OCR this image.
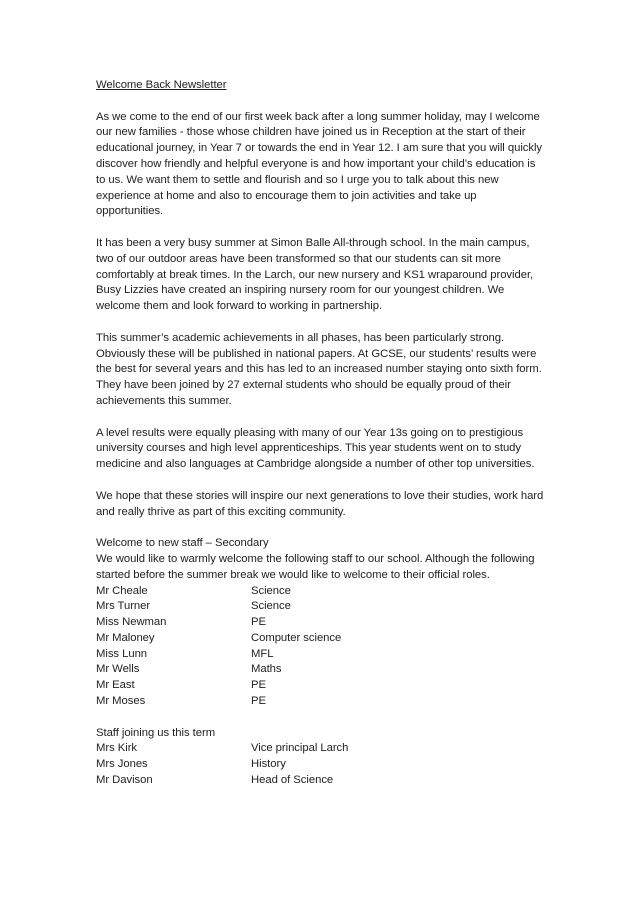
Welcome Back Newsletter

As we come to the end of our first week back after a long summer holiday, may I welcome our new families - those whose children have joined us in Reception at the start of their educational journey, in Year 7 or towards the end in Year 12. I am sure that you will quickly discover how friendly and helpful everyone is and how important your child’s education is to us. We want them to settle and flourish and so I urge you to talk about this new experience at home and also to encourage them to join activities and take up opportunities.

It has been a very busy summer at Simon Balle All-through school. In the main campus, two of our outdoor areas have been transformed so that our students can sit more comfortably at break times. In the Larch, our new nursery and KS1 wraparound provider, Busy Lizzies have created an inspiring nursery room for our youngest children. We welcome them and look forward to working in partnership.

This summer’s academic achievements in all phases, has been particularly strong. Obviously these will be published in national papers. At GCSE, our students’ results were the best for several years and this has led to an increased number staying onto sixth form. They have been joined by 27 external students who should be equally proud of their achievements this summer.

A level results were equally pleasing with many of our Year 13s going on to prestigious university courses and high level apprenticeships. This year students went on to study medicine and also languages at Cambridge alongside a number of other top universities.

We hope that these stories will inspire our next generations to love their studies, work hard and really thrive as part of this exciting community.

Welcome to new staff – Secondary

We would like to warmly welcome the following staff to our school. Although the following started before the summer break we would like to welcome to their official roles.

Mr Cheale	Science
Mrs Turner	Science
Miss Newman	PE
Mr Maloney	Computer science
Miss Lunn	MFL
Mr Wells	Maths
Mr East	PE
Mr Moses	PE

Staff joining us this term

Mrs Kirk	Vice principal Larch
Mrs Jones	History
Mr Davison	Head of Science
